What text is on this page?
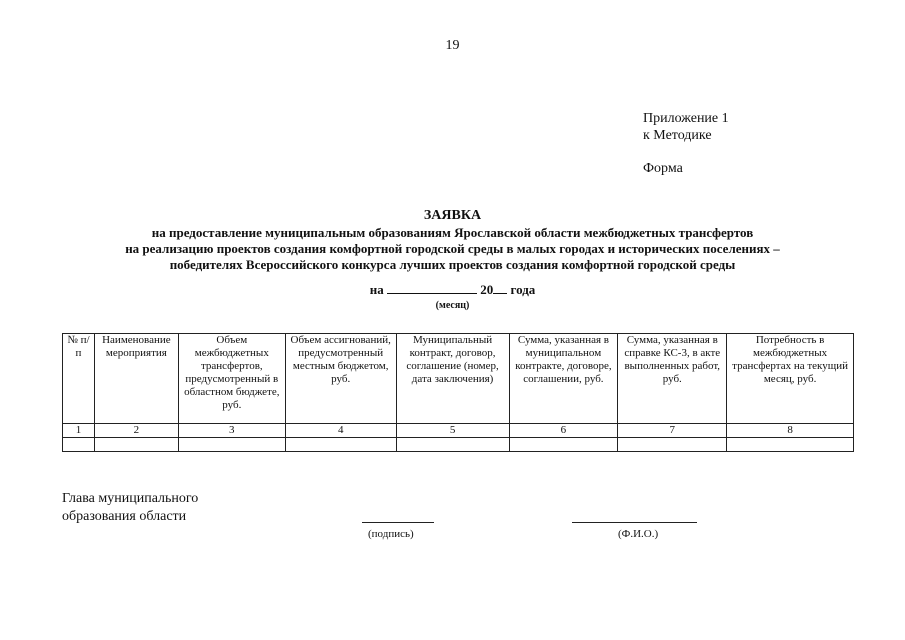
19
Приложение 1
к Методике
Форма
ЗАЯВКА
на предоставление муниципальным образованиям Ярославской области межбюджетных трансфертов
на реализацию проектов создания комфортной городской среды в малых городах и исторических поселениях –
победителях Всероссийского конкурса лучших проектов создания комфортной городской среды
на	20 года
(месяц)
№ п/п	Наименование мероприятия	Объем межбюджетных трансфертов, предусмотренный в областном бюджете, руб.	Объем ассигнований, предусмотренный местным бюджетом, руб.	Муниципальный контракт, договор, соглашение (номер, дата заключения)	Сумма, указанная в муниципальном контракте, договоре, соглашении, руб.	Сумма, указанная в справке КС-3, в акте выполненных работ, руб.	Потребность в межбюджетных трансфертах на текущий месяц, руб.
1	2	3	4	5	6	7	8

Глава муниципального
образования области
(подпись)	(Ф.И.О.)
